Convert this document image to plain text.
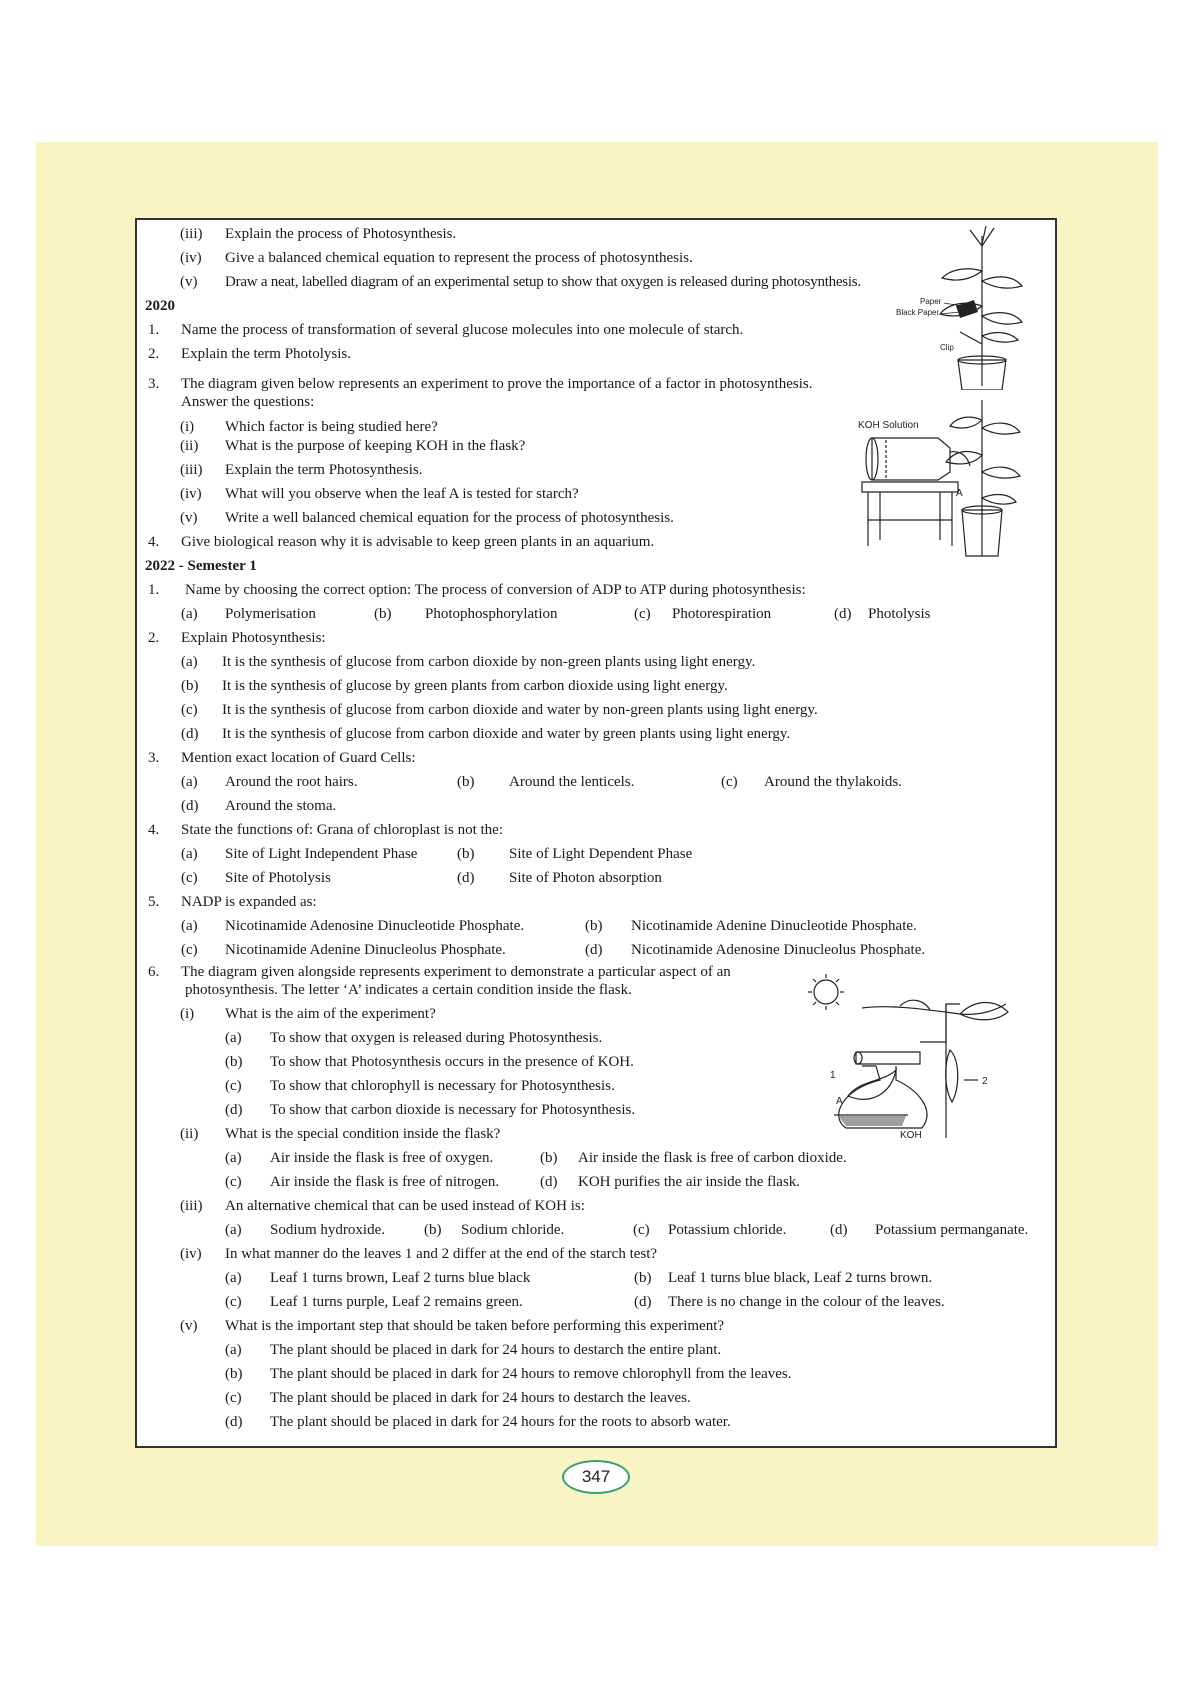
(iii) Explain the process of Photosynthesis.
(iv) Give a balanced chemical equation to represent the process of photosynthesis.
(v) Draw a neat, labelled diagram of an experimental setup to show that oxygen is released during photosynthesis.
2020
1. Name the process of transformation of several glucose molecules into one molecule of starch.
2. Explain the term Photolysis.
3. The diagram given below represents an experiment to prove the importance of a factor in photosynthesis.
Answer the questions:
(i) Which factor is being studied here?
(ii) What is the purpose of keeping KOH in the flask?
(iii) Explain the term Photosynthesis.
(iv) What will you observe when the leaf A is tested for starch?
(v) Write a well balanced chemical equation for the process of photosynthesis.
4. Give biological reason why it is advisable to keep green plants in an aquarium.
2022 - Semester 1
1. Name by choosing the correct option: The process of conversion of ADP to ATP during photosynthesis:
(a) Polymerisation	(b) Photophosphorylation	(c) Photorespiration	(d) Photolysis
2. Explain Photosynthesis:
(a) It is the synthesis of glucose from carbon dioxide by non-green plants using light energy.
(b) It is the synthesis of glucose by green plants from carbon dioxide using light energy.
(c) It is the synthesis of glucose from carbon dioxide and water by non-green plants using light energy.
(d) It is the synthesis of glucose from carbon dioxide and water by green plants using light energy.
3. Mention exact location of Guard Cells:
(a) Around the root hairs.	(b) Around the lenticels.	(c) Around the thylakoids.
(d) Around the stoma.
4. State the functions of: Grana of chloroplast is not the:
(a) Site of Light Independent Phase	(b) Site of Light Dependent Phase
(c) Site of Photolysis	(d) Site of Photon absorption
5. NADP is expanded as:
(a) Nicotinamide Adenosine Dinucleotide Phosphate.	(b) Nicotinamide Adenine Dinucleotide Phosphate.
(c) Nicotinamide Adenine Dinucleolus Phosphate.	(d) Nicotinamide Adenosine Dinucleolus Phosphate.
6. The diagram given alongside represents experiment to demonstrate a particular aspect of an
photosynthesis. The letter ‘A’ indicates a certain condition inside the flask.
(i) What is the aim of the experiment?
(a) To show that oxygen is released during Photosynthesis.
(b) To show that Photosynthesis occurs in the presence of KOH.
(c) To show that chlorophyll is necessary for Photosynthesis.
(d) To show that carbon dioxide is necessary for Photosynthesis.
(ii) What is the special condition inside the flask?
(a) Air inside the flask is free of oxygen.	(b) Air inside the flask is free of carbon dioxide.
(c) Air inside the flask is free of nitrogen.	(d) KOH purifies the air inside the flask.
(iii) An alternative chemical that can be used instead of KOH is:
(a) Sodium hydroxide.	(b) Sodium chloride.	(c) Potassium chloride.	(d) Potassium permanganate.
(iv) In what manner do the leaves 1 and 2 differ at the end of the starch test?
(a) Leaf 1 turns brown, Leaf 2 turns blue black	(b) Leaf 1 turns blue black, Leaf 2 turns brown.
(c) Leaf 1 turns purple, Leaf 2 remains green.	(d) There is no change in the colour of the leaves.
(v) What is the important step that should be taken before performing this experiment?
(a) The plant should be placed in dark for 24 hours to destarch the entire plant.
(b) The plant should be placed in dark for 24 hours to remove chlorophyll from the leaves.
(c) The plant should be placed in dark for 24 hours to destarch the leaves.
(d) The plant should be placed in dark for 24 hours for the roots to absorb water.
Paper
Black Paper
Clip
KOH Solution
A
1
A
2
KOH
347
